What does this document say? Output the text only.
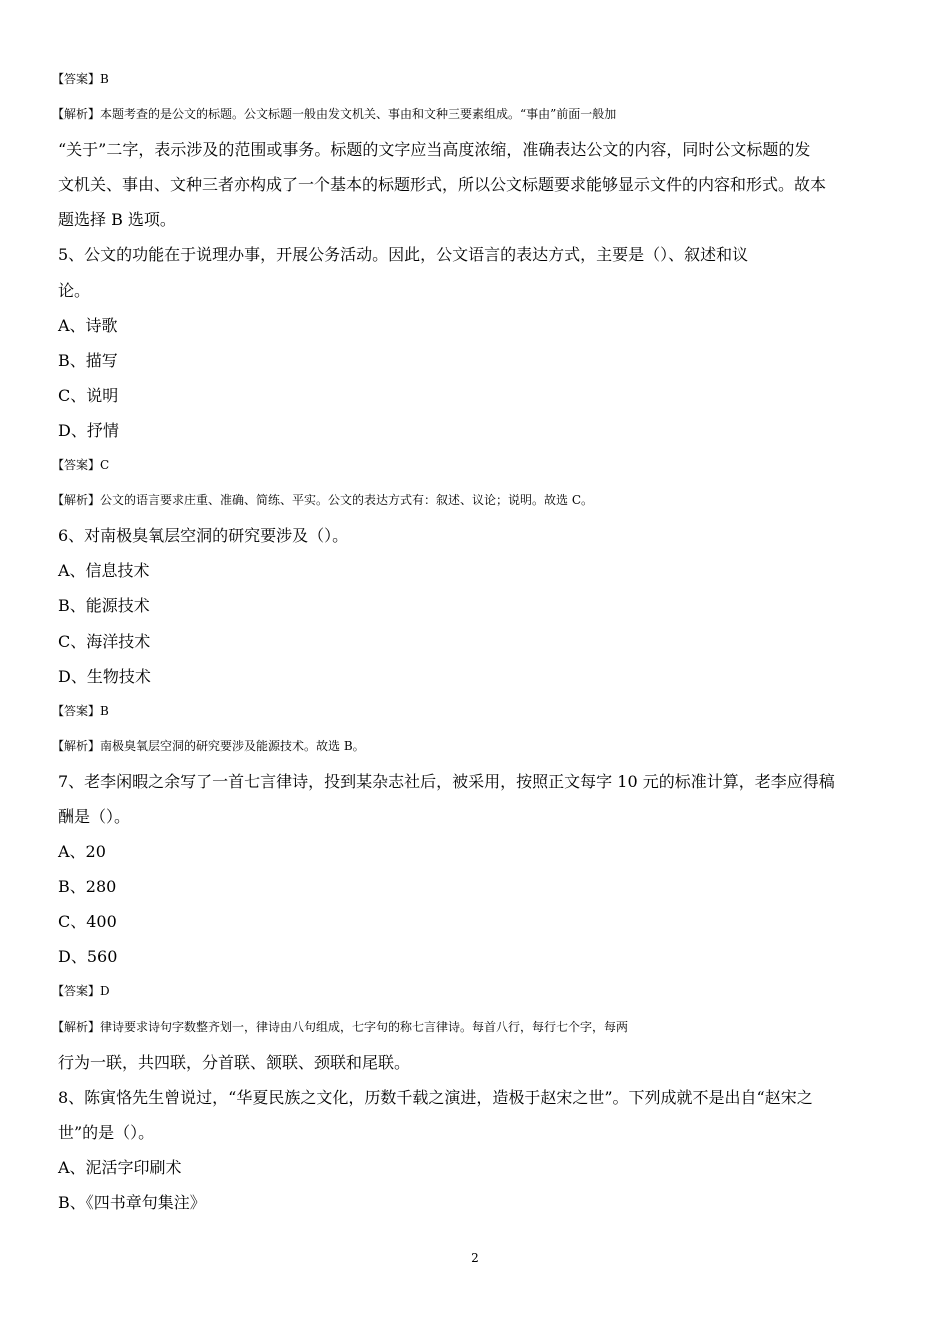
【答案】B
【解析】本题考查的是公文的标题。公文标题一般由发文机关、事由和文种三要素组成。“事由”前面一般加
“关于”二字，表示涉及的范围或事务。标题的文字应当高度浓缩，准确表达公文的内容，同时公文标题的发
文机关、事由、文种三者亦构成了一个基本的标题形式，所以公文标题要求能够显示文件的内容和形式。故本
题选择 B 选项。
5、公文的功能在于说理办事，开展公务活动。因此，公文语言的表达方式，主要是（）、叙述和议
论。
A、诗歌
B、描写
C、说明
D、抒情
【答案】C
【解析】公文的语言要求庄重、准确、简练、平实。公文的表达方式有：叙述、议论；说明。故选 C。
6、对南极臭氧层空洞的研究要涉及（）。
A、信息技术
B、能源技术
C、海洋技术
D、生物技术
【答案】B
【解析】南极臭氧层空洞的研究要涉及能源技术。故选 B。
7、老李闲暇之余写了一首七言律诗，投到某杂志社后，被采用，按照正文每字 10 元的标准计算，老李应得稿
酬是（）。
A、20
B、280
C、400
D、560
【答案】D
【解析】律诗要求诗句字数整齐划一，律诗由八句组成，七字句的称七言律诗。每首八行，每行七个字，每两
行为一联，共四联，分首联、颔联、颈联和尾联。
8、陈寅恪先生曾说过，“华夏民族之文化，历数千载之演进，造极于赵宋之世”。下列成就不是出自“赵宋之
世”的是（）。
A、泥活字印刷术
B、《四书章句集注》
2
